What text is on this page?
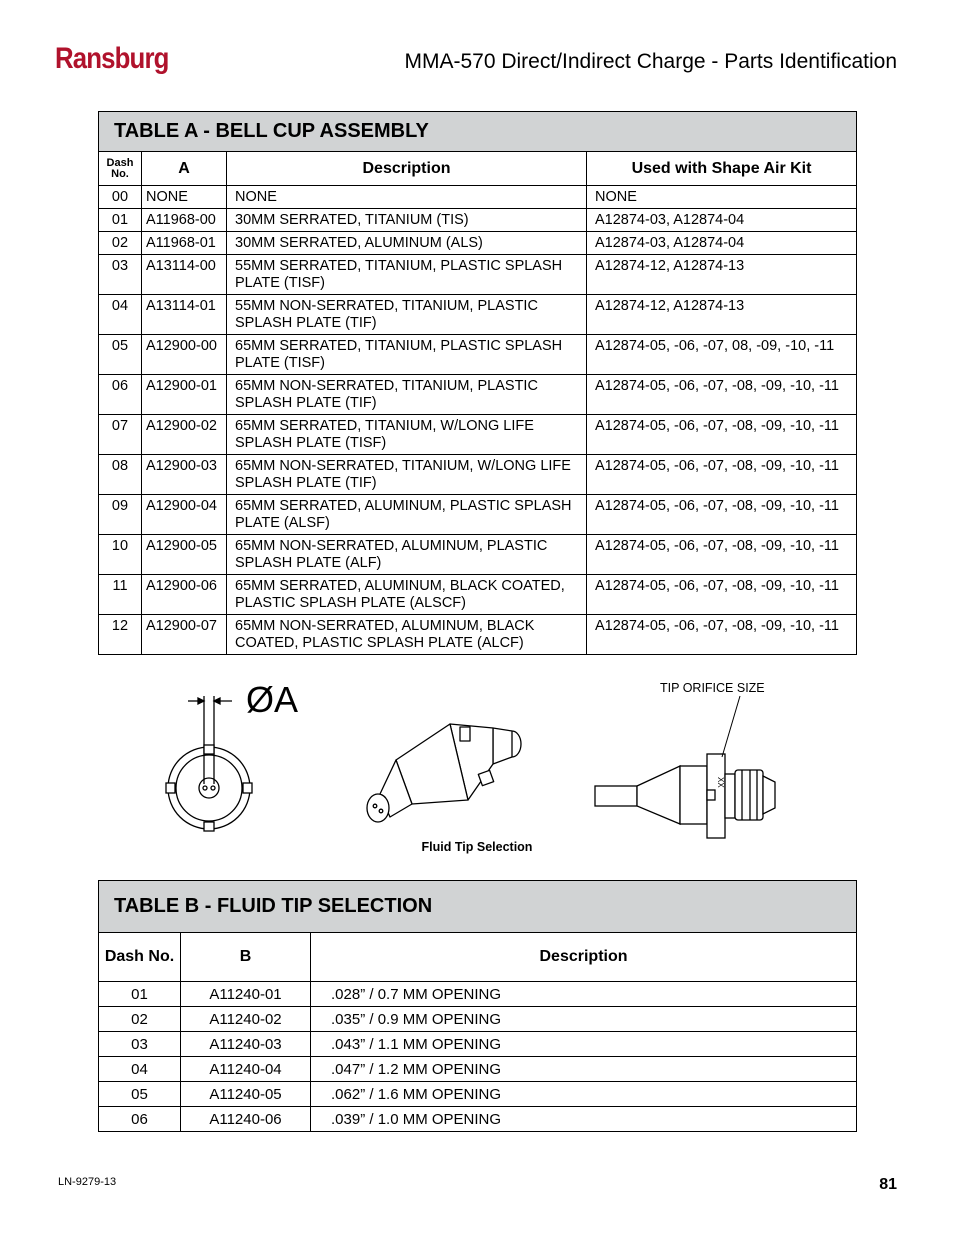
Ransburg	MMA-570 Direct/Indirect Charge - Parts Identification
TABLE A - BELL CUP ASSEMBLY			
Dash No.	A	Description	Used with Shape Air Kit
00	NONE	NONE	NONE
01	A11968-00	30MM SERRATED, TITANIUM (TIS)	A12874-03, A12874-04
02	A11968-01	30MM SERRATED, ALUMINUM (ALS)	A12874-03, A12874-04
03	A13114-00	55MM SERRATED, TITANIUM, PLASTIC SPLASH PLATE (TISF)	A12874-12, A12874-13
04	A13114-01	55MM NON-SERRATED, TITANIUM, PLASTIC SPLASH PLATE (TIF)	A12874-12, A12874-13
05	A12900-00	65MM SERRATED, TITANIUM, PLASTIC SPLASH PLATE (TISF)	A12874-05, -06, -07, 08, -09, -10, -11
06	A12900-01	65MM NON-SERRATED, TITANIUM, PLASTIC SPLASH PLATE (TIF)	A12874-05, -06, -07, -08, -09, -10, -11
07	A12900-02	65MM SERRATED, TITANIUM, W/LONG LIFE SPLASH PLATE (TISF)	A12874-05, -06, -07, -08, -09, -10, -11
08	A12900-03	65MM NON-SERRATED, TITANIUM, W/LONG LIFE SPLASH PLATE (TIF)	A12874-05, -06, -07, -08, -09, -10, -11
09	A12900-04	65MM SERRATED, ALUMINUM, PLASTIC SPLASH PLATE (ALSF)	A12874-05, -06, -07, -08, -09, -10, -11
10	A12900-05	65MM NON-SERRATED, ALUMINUM, PLASTIC SPLASH PLATE (ALF)	A12874-05, -06, -07, -08, -09, -10, -11
11	A12900-06	65MM SERRATED, ALUMINUM, BLACK COATED, PLASTIC SPLASH PLATE (ALSCF)	A12874-05, -06, -07, -08, -09, -10, -11
12	A12900-07	65MM NON-SERRATED, ALUMINUM, BLACK COATED, PLASTIC SPLASH PLATE (ALCF)	A12874-05, -06, -07, -08, -09, -10, -11
ØA
XX
TIP ORIFICE SIZE
Fluid Tip Selection
TABLE B - FLUID TIP SELECTION		
Dash No.	B	Description
01	A11240-01	.028” / 0.7 MM OPENING
02	A11240-02	.035” / 0.9 MM OPENING
03	A11240-03	.043” / 1.1 MM OPENING
04	A11240-04	.047” / 1.2 MM OPENING
05	A11240-05	.062” / 1.6 MM OPENING
06	A11240-06	.039” / 1.0 MM OPENING
LN-9279-13	81
